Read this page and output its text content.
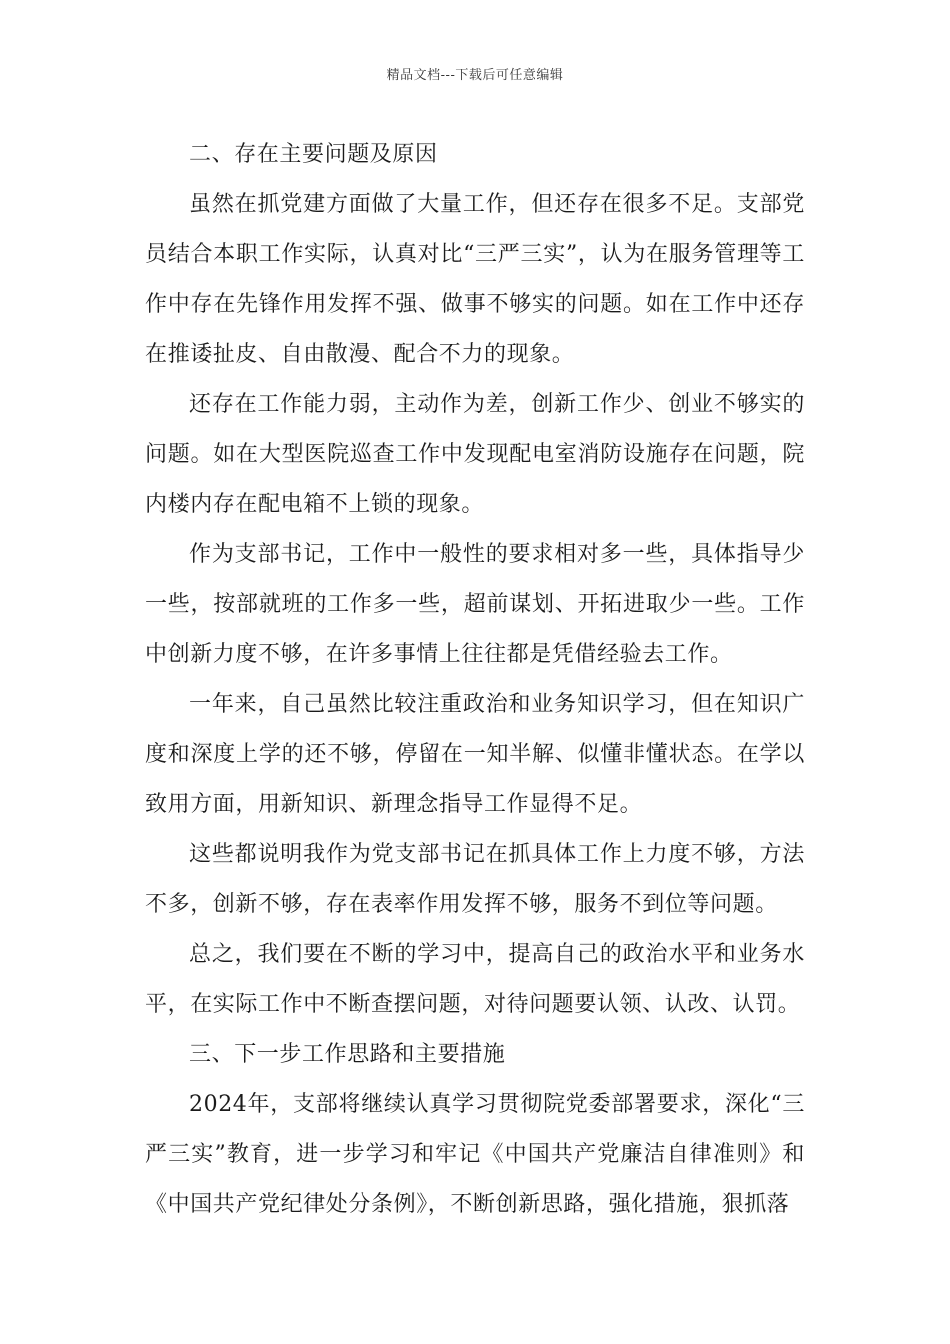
精品文档---下载后可任意编辑

二、存在主要问题及原因

虽然在抓党建方面做了大量工作，但还存在很多不足。支部党员结合本职工作实际，认真对比“三严三实”，认为在服务管理等工作中存在先锋作用发挥不强、做事不够实的问题。如在工作中还存在推诿扯皮、自由散漫、配合不力的现象。

还存在工作能力弱，主动作为差，创新工作少、创业不够实的问题。如在大型医院巡查工作中发现配电室消防设施存在问题，院内楼内存在配电箱不上锁的现象。

作为支部书记，工作中一般性的要求相对多一些，具体指导少一些，按部就班的工作多一些，超前谋划、开拓进取少一些。工作中创新力度不够，在许多事情上往往都是凭借经验去工作。

一年来，自己虽然比较注重政治和业务知识学习，但在知识广度和深度上学的还不够，停留在一知半解、似懂非懂状态。在学以致用方面，用新知识、新理念指导工作显得不足。

这些都说明我作为党支部书记在抓具体工作上力度不够，方法不多，创新不够，存在表率作用发挥不够，服务不到位等问题。

总之，我们要在不断的学习中，提高自己的政治水平和业务水平，在实际工作中不断查摆问题，对待问题要认领、认改、认罚。

三、下一步工作思路和主要措施

2024年，支部将继续认真学习贯彻院党委部署要求，深化“三严三实”教育，进一步学习和牢记《中国共产党廉洁自律准则》和《中国共产党纪律处分条例》，不断创新思路，强化措施，狠抓落
